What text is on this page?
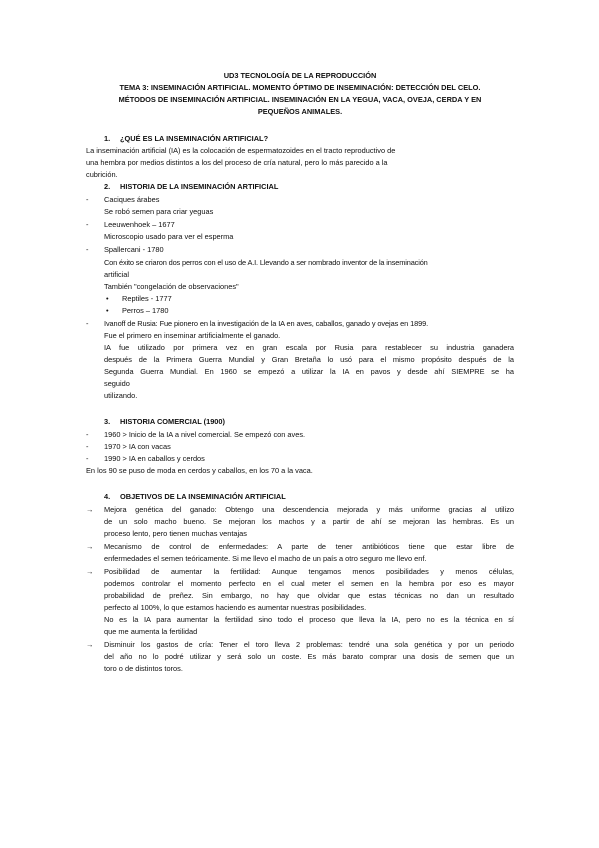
UD3 TECNOLOGÍA DE LA REPRODUCCIÓN
TEMA 3: INSEMINACIÓN ARTIFICIAL. MOMENTO ÓPTIMO DE INSEMINACIÓN: DETECCIÓN DEL CELO.
MÉTODOS DE INSEMINACIÓN ARTIFICIAL. INSEMINACIÓN EN LA YEGUA, VACA, OVEJA, CERDA Y EN
PEQUEÑOS ANIMALES.
1. ¿QUÉ ES LA INSEMINACIÓN ARTIFICIAL?
La inseminación artificial (IA) es la colocación de espermatozoides en el tracto reproductivo de
una hembra por medios distintos a los del proceso de cría natural, pero lo más parecido a la
cubrición.
2. HISTORIA DE LA INSEMINACIÓN ARTIFICIAL
- Caciques árabes
Se robó semen para criar yeguas
- Leeuwenhoek – 1677
Microscopio usado para ver el esperma
- Spallercani - 1780
Con éxito se criaron dos perros con el uso de A.I. Llevando a ser nombrado inventor de la inseminación
artificial
También "congelación de observaciones"
• Reptiles - 1777
• Perros – 1780
- Ivanoff de Rusia: Fue pionero en la investigación de la IA en aves, caballos, ganado y ovejas en 1899.
Fue el primero en inseminar artificialmente el ganado.
IA fue utilizado por primera vez en gran escala por Rusia para restablecer su industria ganadera
después de la Primera Guerra Mundial y Gran Bretaña lo usó para el mismo propósito después de la
Segunda Guerra Mundial. En 1960 se empezó a utilizar la IA en pavos y desde ahí SIEMPRE se ha
seguido
utilizando.
3. HISTORIA COMERCIAL (1900)
- 1960 > Inicio de la IA a nivel comercial. Se empezó con aves.
- 1970 > IA con vacas
- 1990 > IA en caballos y cerdos
En los 90 se puso de moda en cerdos y caballos, en los 70 a la vaca.
4. OBJETIVOS DE LA INSEMINACIÓN ARTIFICIAL
→ Mejora genética del ganado: Obtengo una descendencia mejorada y más uniforme gracias al utilizo
de un solo macho bueno. Se mejoran los machos y a partir de ahí se mejoran las hembras. Es un
proceso lento, pero tienen muchas ventajas
→ Mecanismo de control de enfermedades: A parte de tener antibióticos tiene que estar libre de
enfermedades el semen teóricamente. Si me llevo el macho de un país a otro seguro me llevo enf.
→ Posibilidad de aumentar la fertilidad: Aunque tengamos menos posibilidades y menos células,
podemos controlar el momento perfecto en el cual meter el semen en la hembra por eso es mayor
probabilidad de preñez. Sin embargo, no hay que olvidar que estas técnicas no dan un resultado
perfecto al 100%, lo que estamos haciendo es aumentar nuestras posibilidades.
No es la IA para aumentar la fertilidad sino todo el proceso que lleva la IA, pero no es la técnica en sí
que me aumenta la fertilidad
→ Disminuir los gastos de cría: Tener el toro lleva 2 problemas: tendré una sola genética y por un periodo
del año no lo podré utilizar y será solo un coste. Es más barato comprar una dosis de semen que un
toro o de distintos toros.
